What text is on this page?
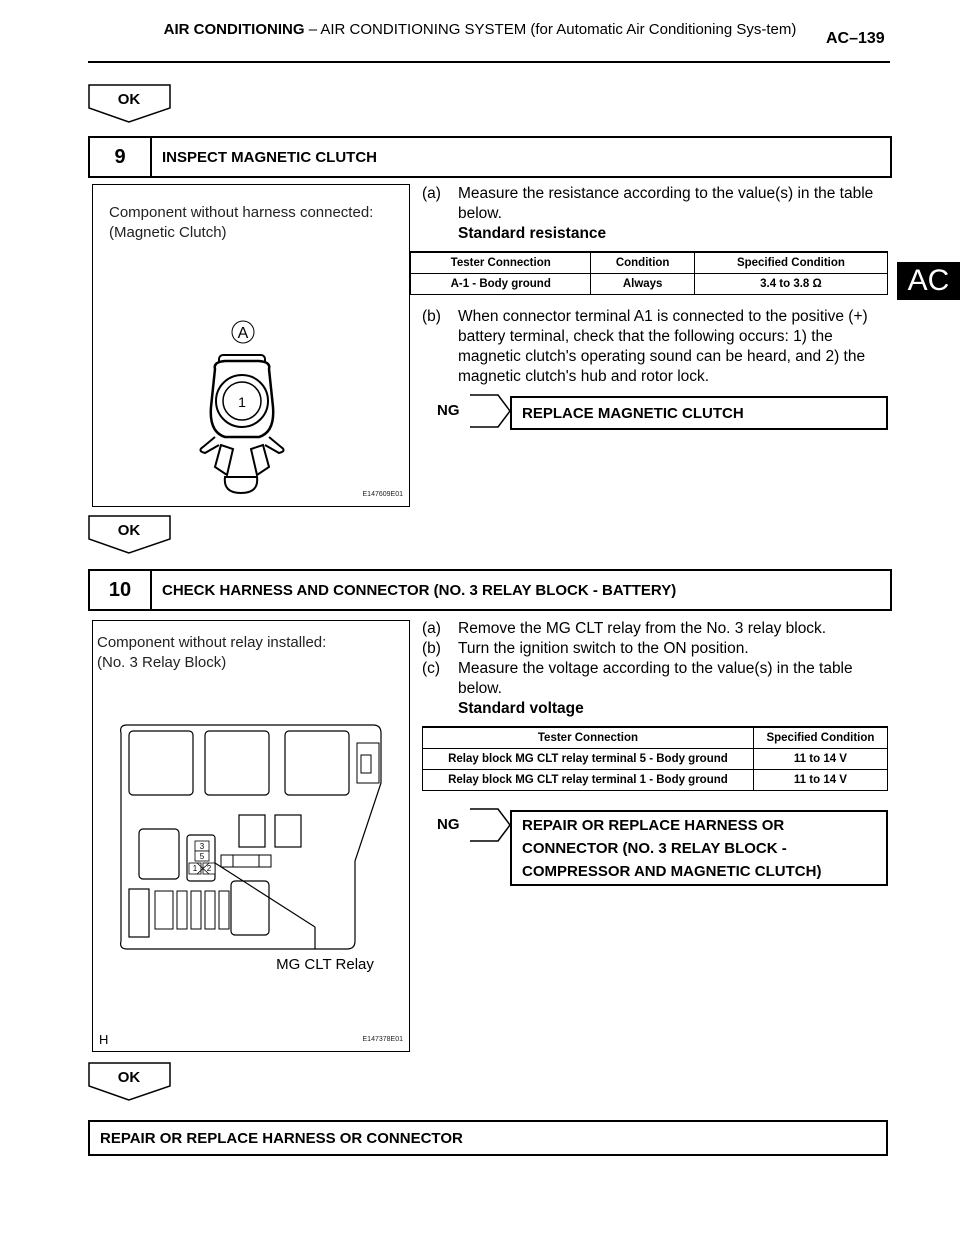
AIR CONDITIONING – AIR CONDITIONING SYSTEM (for Automatic Air Conditioning Sys-tem)
AC–139
AC
OK
9	INSPECT MAGNETIC CLUTCH
Component without harness connected:
(Magnetic Clutch)
A
1
E147609E01
(a)	Measure the resistance according to the value(s) in the table below.
Standard resistance
Tester Connection	Condition	Specified Condition
A-1 - Body ground	Always	3.4 to 3.8 Ω
(b)	When connector terminal A1 is connected to the positive (+) battery terminal, check that the following occurs: 1) the magnetic clutch's operating sound can be heard, and 2) the magnetic clutch's hub and rotor lock.
NG	REPLACE MAGNETIC CLUTCH
OK
10	CHECK HARNESS AND CONNECTOR (NO. 3 RELAY BLOCK - BATTERY)
Component without relay installed:
(No. 3 Relay Block)
3
5
1 2
MG CLT Relay
H	E147378E01
(a)	Remove the MG CLT relay from the No. 3 relay block.
(b)	Turn the ignition switch to the ON position.
(c)	Measure the voltage according to the value(s) in the table below.
Standard voltage
Tester Connection	Specified Condition
Relay block MG CLT relay terminal 5 - Body ground	11 to 14 V
Relay block MG CLT relay terminal 1 - Body ground	11 to 14 V
NG	REPAIR OR REPLACE HARNESS OR
CONNECTOR (NO. 3 RELAY BLOCK -
COMPRESSOR AND MAGNETIC CLUTCH)
OK
REPAIR OR REPLACE HARNESS OR CONNECTOR
